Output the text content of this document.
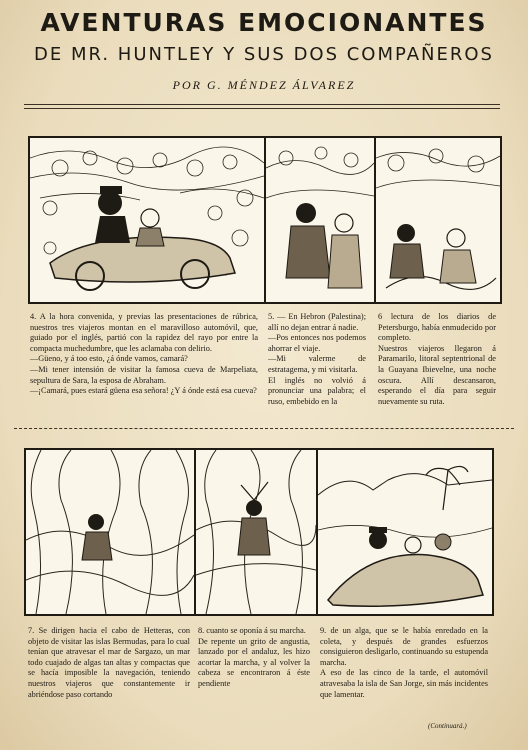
AVENTURAS EMOCIONANTES
DE MR. HUNTLEY Y SUS DOS COMPAÑEROS
POR G. MÉNDEZ ÁLVAREZ

4. A la hora convenida, y previas las presentaciones de rúbrica, nuestros tres viajeros montan en el maravilloso automóvil, que, guiado por el inglés, partió con la rapidez del rayo por entre la compacta muchedumbre, que les aclamaba con delirio.

—Güeno, y á too esto, ¿á ónde vamos, camará?

—Mi tener intensión de visitar la famosa cueva de Marpeliata, sepultura de Sara, la esposa de Abraham.

—¡Camará, pues estará güena esa señora! ¿Y á ónde está esa cueva?

5. — En Hebron (Palestina); allí no dejan entrar á nadie.

—Pos entonces nos podemos ahorrar el viaje.

—Mi valerme de estratagema, y mi visitarla.

El inglés no volvió á pronunciar una palabra; el ruso, embebido en la

6 lectura de los diarios de Petersburgo, había enmudecido por completo.

Nuestros viajeros llegaron á Paramarilo, litoral septentrional de la Guayana Ibievelne, una noche oscura. Allí descansaron, esperando el día para seguir nuevamente su ruta.

7. Se dirigen hacia el cabo de Hetteras, con objeto de visitar las islas Bermudas, para lo cual tenían que atravesar el mar de Sargazo, un mar todo cuajado de algas tan altas y compactas que se hacía imposible la navegación, teniendo nuestros viajeros que constantemente ir abriéndose paso cortando

8. cuanto se oponía á su marcha.

De repente un grito de angustia, lanzado por el andaluz, les hizo acortar la marcha, y al volver la cabeza se encontraron á éste pendiente

9. de un alga, que se le había enredado en la coleta, y después de grandes esfuerzos consiguieron desligarlo, continuando su estupenda marcha.

A eso de las cinco de la tarde, el automóvil atravesaba la isla de San Jorge, sin más incidentes que lamentar.

(Continuará.)
